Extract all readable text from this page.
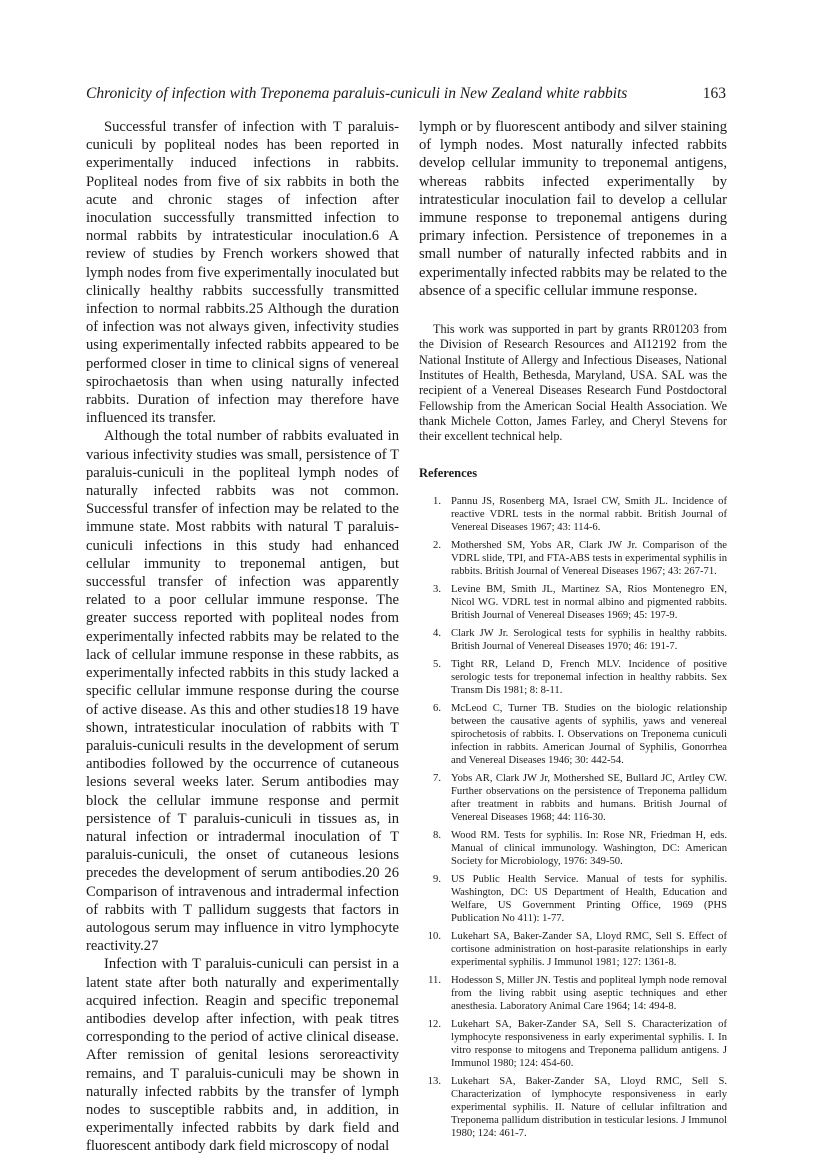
Chronicity of infection with Treponema paraluis-cuniculi in New Zealand white rabbits	163

Successful transfer of infection with T paraluis-cuniculi by popliteal nodes has been reported in experimentally induced infections in rabbits. Popliteal nodes from five of six rabbits in both the acute and chronic stages of infection after inoculation successfully transmitted infection to normal rabbits by intratesticular inoculation.6 A review of studies by French workers showed that lymph nodes from five experimentally inoculated but clinically healthy rabbits successfully transmitted infection to normal rabbits.25 Although the duration of infection was not always given, infectivity studies using experimentally infected rabbits appeared to be performed closer in time to clinical signs of venereal spirochaetosis than when using naturally infected rabbits. Duration of infection may therefore have influenced its transfer.

Although the total number of rabbits evaluated in various infectivity studies was small, persistence of T paraluis-cuniculi in the popliteal lymph nodes of naturally infected rabbits was not common. Successful transfer of infection may be related to the immune state. Most rabbits with natural T paraluis-cuniculi infections in this study had enhanced cellular immunity to treponemal antigen, but successful transfer of infection was apparently related to a poor cellular immune response. The greater success reported with popliteal nodes from experimentally infected rabbits may be related to the lack of cellular immune response in these rabbits, as experimentally infected rabbits in this study lacked a specific cellular immune response during the course of active disease. As this and other studies18 19 have shown, intratesticular inoculation of rabbits with T paraluis-cuniculi results in the development of serum antibodies followed by the occurrence of cutaneous lesions several weeks later. Serum antibodies may block the cellular immune response and permit persistence of T paraluis-cuniculi in tissues as, in natural infection or intradermal inoculation of T paraluis-cuniculi, the onset of cutaneous lesions precedes the development of serum antibodies.20 26 Comparison of intravenous and intradermal infection of rabbits with T pallidum suggests that factors in autologous serum may influence in vitro lymphocyte reactivity.27

Infection with T paraluis-cuniculi can persist in a latent state after both naturally and experimentally acquired infection. Reagin and specific treponemal antibodies develop after infection, with peak titres corresponding to the period of active clinical disease. After remission of genital lesions seroreactivity remains, and T paraluis-cuniculi may be shown in naturally infected rabbits by the transfer of lymph nodes to susceptible rabbits and, in addition, in experimentally infected rabbits by dark field and fluorescent antibody dark field microscopy of nodal

lymph or by fluorescent antibody and silver staining of lymph nodes. Most naturally infected rabbits develop cellular immunity to treponemal antigens, whereas rabbits infected experimentally by intratesticular inoculation fail to develop a cellular immune response to treponemal antigens during primary infection. Persistence of treponemes in a small number of naturally infected rabbits and in experimentally infected rabbits may be related to the absence of a specific cellular immune response.

This work was supported in part by grants RR01203 from the Division of Research Resources and AI12192 from the National Institute of Allergy and Infectious Diseases, National Institutes of Health, Bethesda, Maryland, USA. SAL was the recipient of a Venereal Diseases Research Fund Postdoctoral Fellowship from the American Social Health Association. We thank Michele Cotton, James Farley, and Cheryl Stevens for their excellent technical help.

References

1. Pannu JS, Rosenberg MA, Israel CW, Smith JL. Incidence of reactive VDRL tests in the normal rabbit. British Journal of Venereal Diseases 1967; 43: 114-6.
2. Mothershed SM, Yobs AR, Clark JW Jr. Comparison of the VDRL slide, TPI, and FTA-ABS tests in experimental syphilis in rabbits. British Journal of Venereal Diseases 1967; 43: 267-71.
3. Levine BM, Smith JL, Martinez SA, Rios Montenegro EN, Nicol WG. VDRL test in normal albino and pigmented rabbits. British Journal of Venereal Diseases 1969; 45: 197-9.
4. Clark JW Jr. Serological tests for syphilis in healthy rabbits. British Journal of Venereal Diseases 1970; 46: 191-7.
5. Tight RR, Leland D, French MLV. Incidence of positive serologic tests for treponemal infection in healthy rabbits. Sex Transm Dis 1981; 8: 8-11.
6. McLeod C, Turner TB. Studies on the biologic relationship between the causative agents of syphilis, yaws and venereal spirochetosis of rabbits. I. Observations on Treponema cuniculi infection in rabbits. American Journal of Syphilis, Gonorrhea and Venereal Diseases 1946; 30: 442-54.
7. Yobs AR, Clark JW Jr, Mothershed SE, Bullard JC, Artley CW. Further observations on the persistence of Treponema pallidum after treatment in rabbits and humans. British Journal of Venereal Diseases 1968; 44: 116-30.
8. Wood RM. Tests for syphilis. In: Rose NR, Friedman H, eds. Manual of clinical immunology. Washington, DC: American Society for Microbiology, 1976: 349-50.
9. US Public Health Service. Manual of tests for syphilis. Washington, DC: US Department of Health, Education and Welfare, US Government Printing Office, 1969 (PHS Publication No 411): 1-77.
10. Lukehart SA, Baker-Zander SA, Lloyd RMC, Sell S. Effect of cortisone administration on host-parasite relationships in early experimental syphilis. J Immunol 1981; 127: 1361-8.
11. Hodesson S, Miller JN. Testis and popliteal lymph node removal from the living rabbit using aseptic techniques and ether anesthesia. Laboratory Animal Care 1964; 14: 494-8.
12. Lukehart SA, Baker-Zander SA, Sell S. Characterization of lymphocyte responsiveness in early experimental syphilis. I. In vitro response to mitogens and Treponema pallidum antigens. J Immunol 1980; 124: 454-60.
13. Lukehart SA, Baker-Zander SA, Lloyd RMC, Sell S. Characterization of lymphocyte responsiveness in early experimental syphilis. II. Nature of cellular infiltration and Treponema pallidum distribution in testicular lesions. J Immunol 1980; 124: 461-7.
